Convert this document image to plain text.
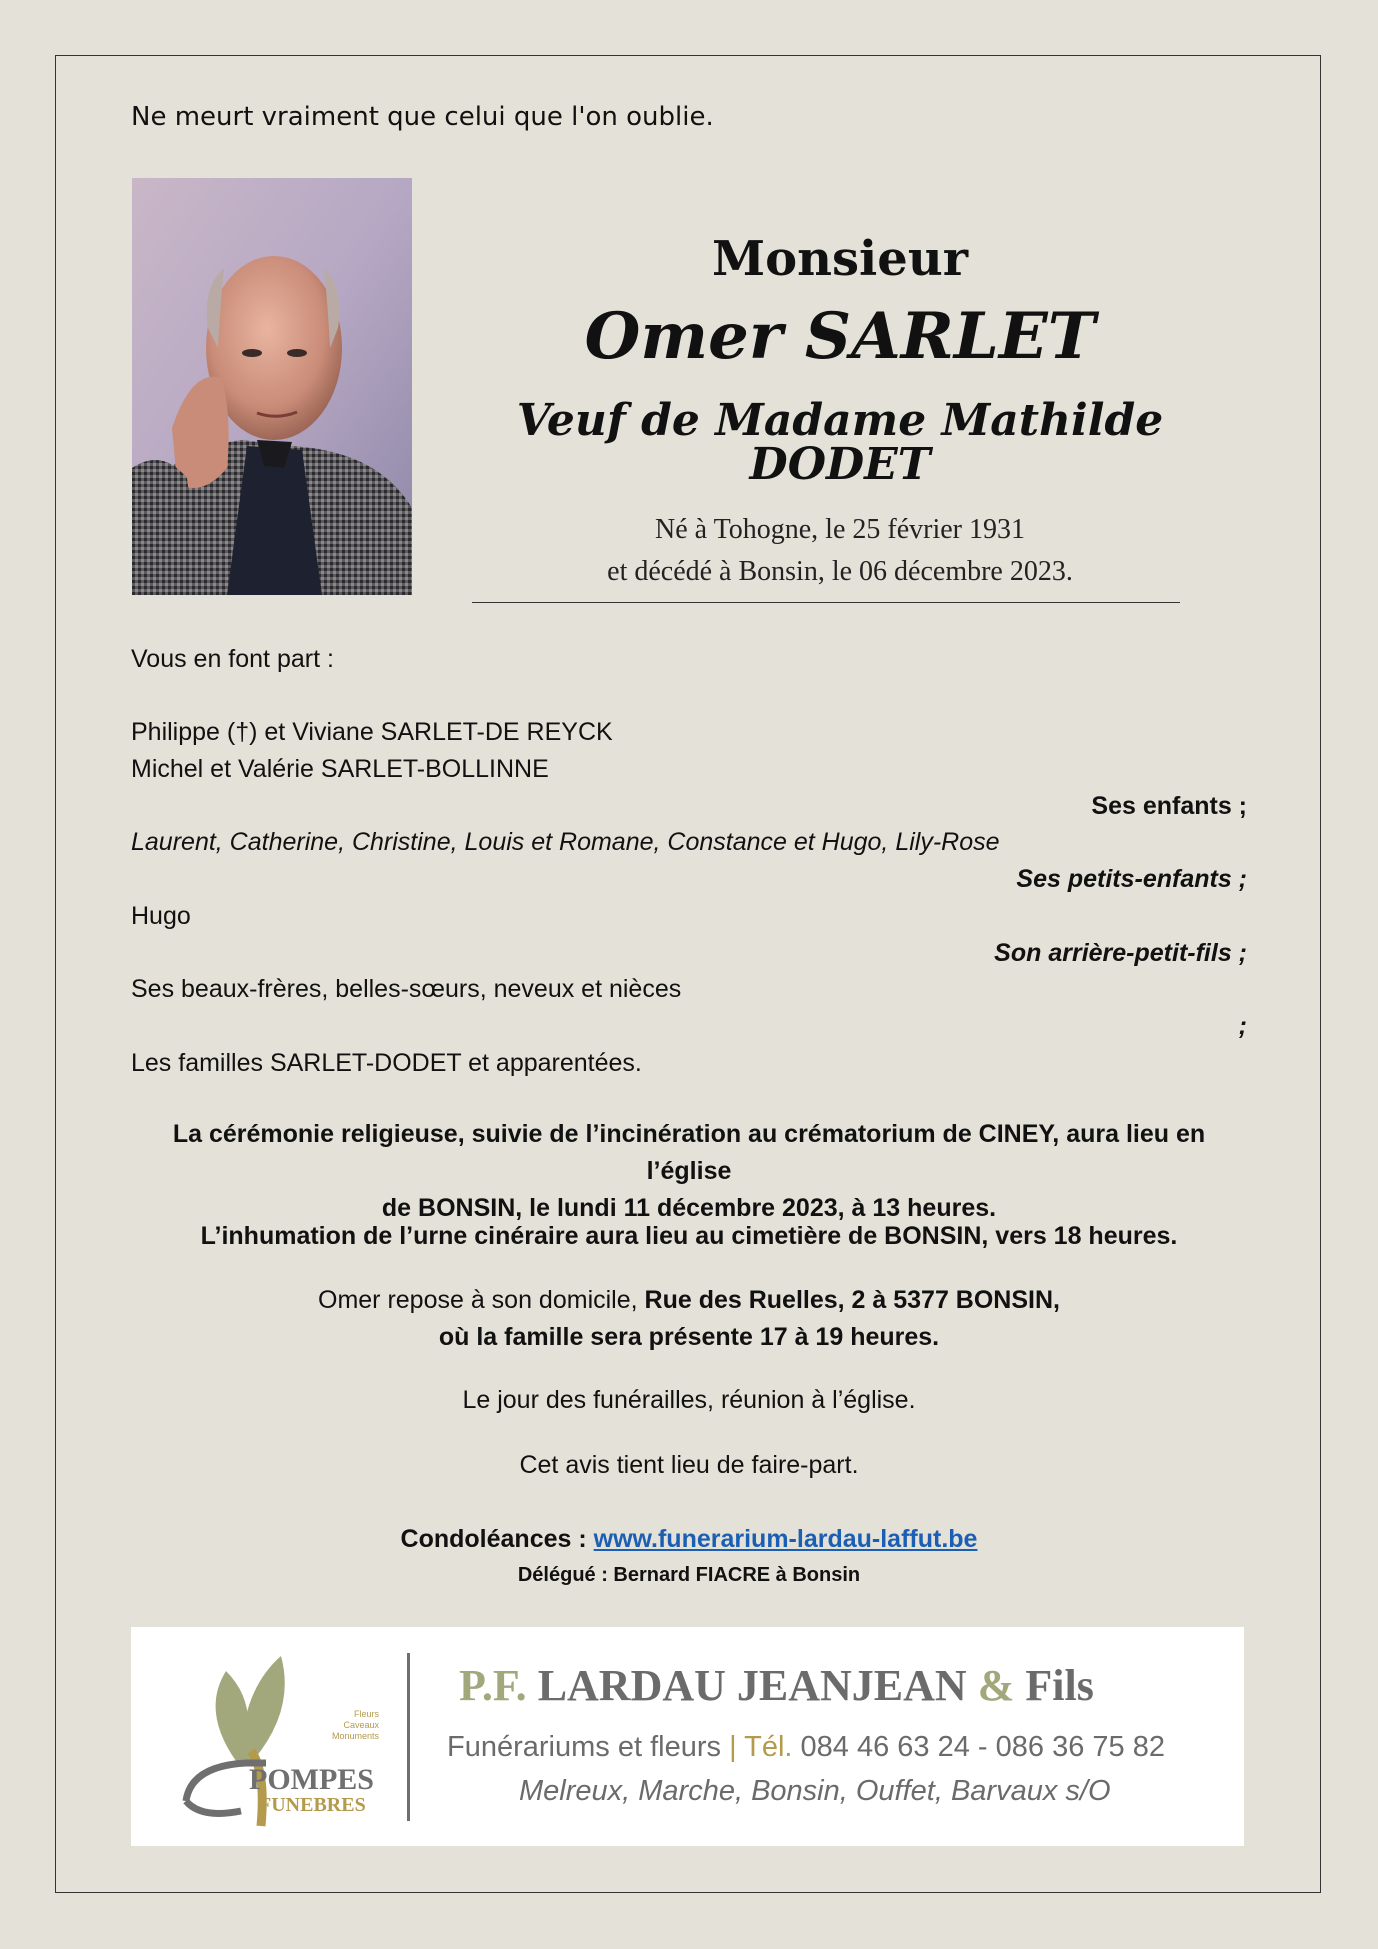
Ne meurt vraiment que celui que l'on oublie.
Monsieur
Omer SARLET
Veuf de Madame Mathilde DODET
Né à Tohogne, le 25 février 1931
et décédé à Bonsin, le 06 décembre 2023.
Vous en font part :
Philippe (†) et Viviane SARLET-DE REYCK
Michel et Valérie SARLET-BOLLINNE
Ses enfants ;
Laurent, Catherine, Christine, Louis et Romane, Constance et Hugo, Lily-Rose
Ses petits-enfants ;
Hugo
Son arrière-petit-fils ;
Ses beaux-frères, belles-sœurs, neveux et nièces
;
Les familles SARLET-DODET et apparentées.
La cérémonie religieuse, suivie de l’incinération au crématorium de CINEY, aura lieu en l’église
de BONSIN, le lundi 11 décembre 2023, à 13 heures.
L’inhumation de l’urne cinéraire aura lieu au cimetière de BONSIN, vers 18 heures.
Omer repose à son domicile, Rue des Ruelles, 2 à 5377 BONSIN,
où la famille sera présente 17 à 19 heures.
Le jour des funérailles, réunion à l’église.
Cet avis tient lieu de faire-part.
Condoléances : www.funerarium-lardau-laffut.be
Délégué : Bernard FIACRE à Bonsin
Fleurs
Caveaux
Monuments
POMPES
FUNEBRES
P.F. LARDAU JEANJEAN & Fils
Funérariums et fleurs | Tél. 084 46 63 24 - 086 36 75 82
Melreux, Marche, Bonsin, Ouffet, Barvaux s/O
